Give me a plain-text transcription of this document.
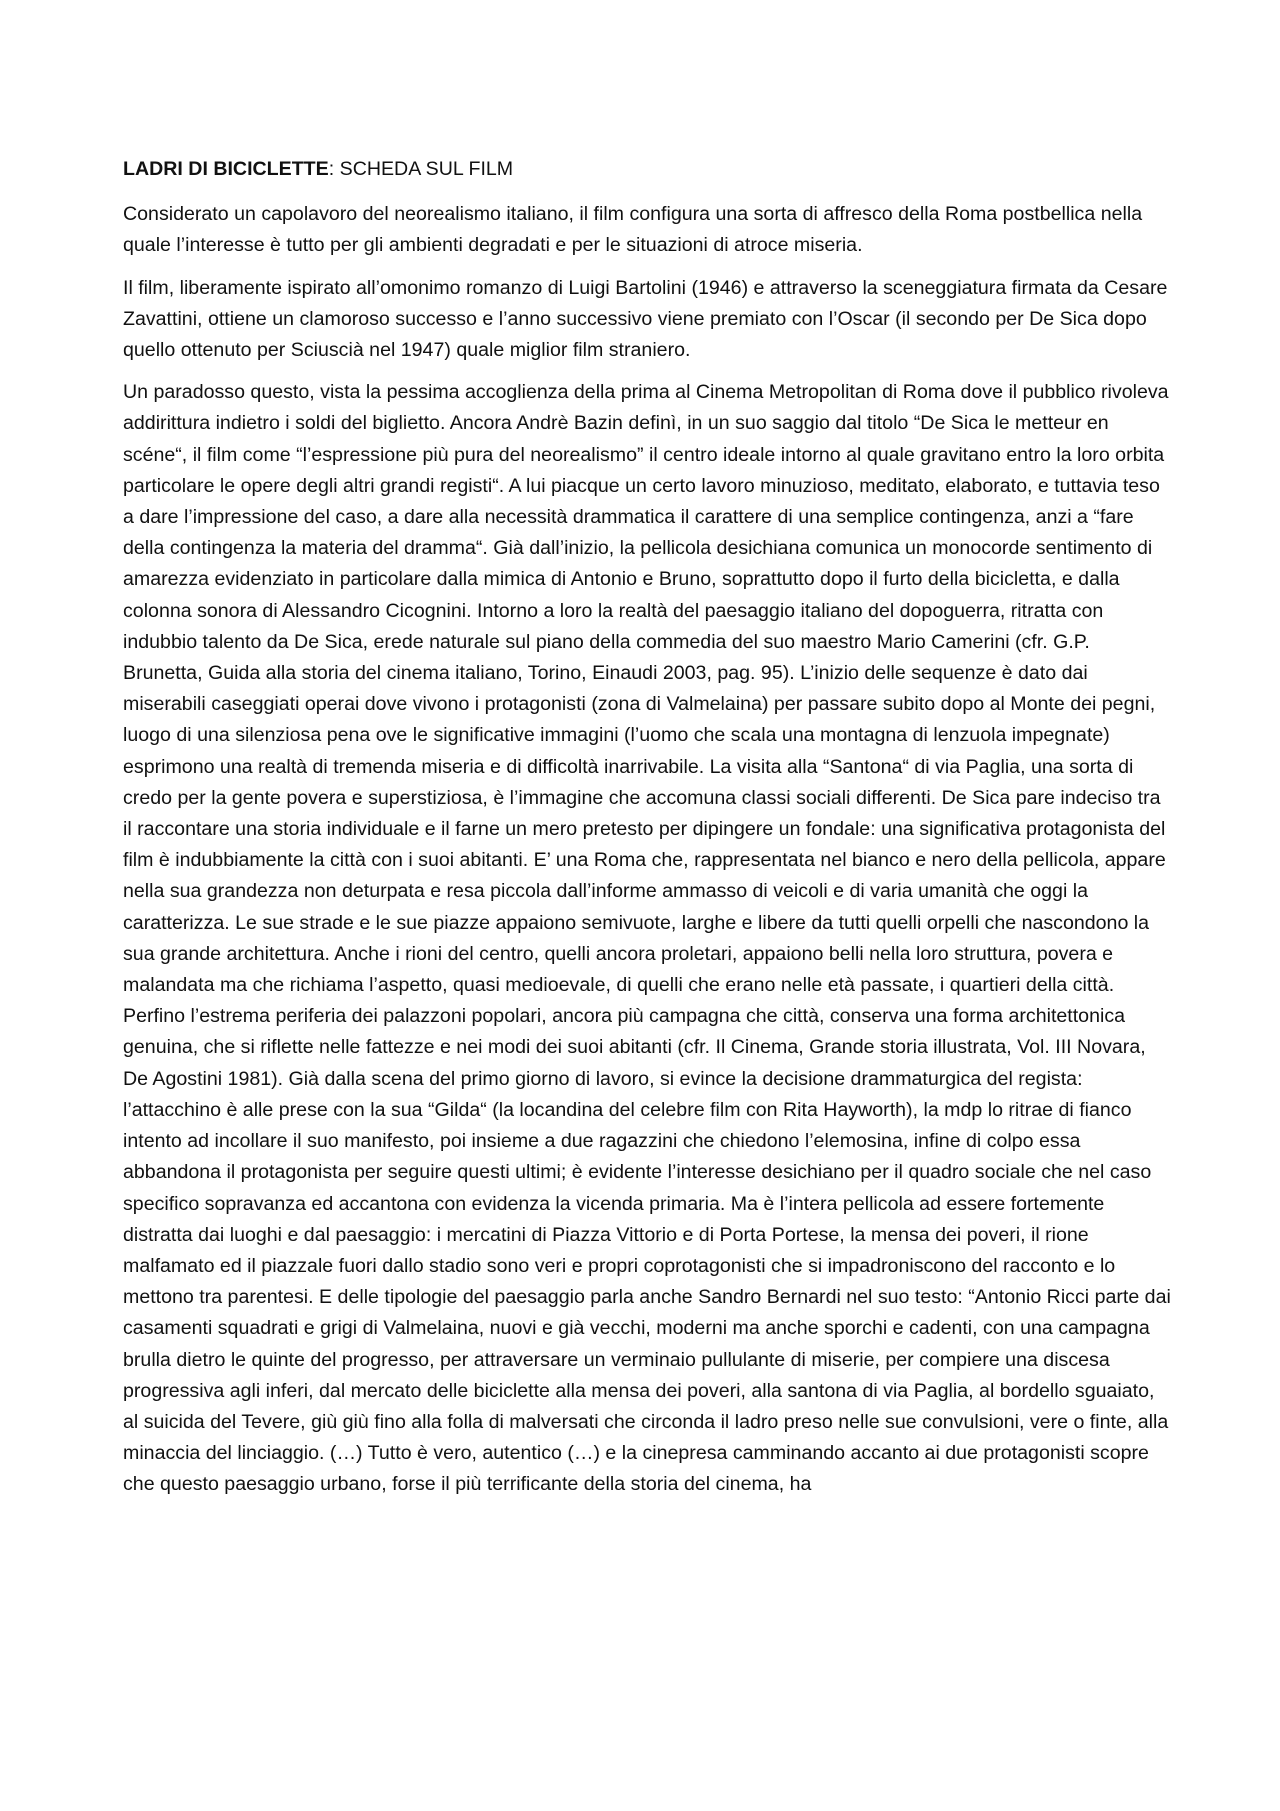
LADRI DI BICICLETTE: SCHEDA SUL FILM

Considerato un capolavoro del neorealismo italiano, il film configura una sorta di affresco della Roma postbellica nella quale l’interesse è tutto per gli ambienti degradati e per le situazioni di atroce miseria.

Il film, liberamente ispirato all’omonimo romanzo di Luigi Bartolini (1946) e attraverso la sceneggiatura firmata da Cesare Zavattini, ottiene un clamoroso successo e l’anno successivo viene premiato con l’Oscar (il secondo per De Sica dopo quello ottenuto per Sciuscià nel 1947) quale miglior film straniero.

Un paradosso questo, vista la pessima accoglienza della prima al Cinema Metropolitan di Roma dove il pubblico rivoleva addirittura indietro i soldi del biglietto. Ancora Andrè Bazin definì, in un suo saggio dal titolo “De Sica le metteur en scéne“, il film come “l’espressione più pura del neorealismo” il centro ideale intorno al quale gravitano entro la loro orbita particolare le opere degli altri grandi registi“. A lui piacque un certo lavoro minuzioso, meditato, elaborato, e tuttavia teso a dare l’impressione del caso, a dare alla necessità drammatica il carattere di una semplice contingenza, anzi a “fare della contingenza la materia del dramma“. Già dall’inizio, la pellicola desichiana comunica un monocorde sentimento di amarezza evidenziato in particolare dalla mimica di Antonio e Bruno, soprattutto dopo il furto della bicicletta, e dalla colonna sonora di Alessandro Cicognini. Intorno a loro la realtà del paesaggio italiano del dopoguerra, ritratta con indubbio talento da De Sica, erede naturale sul piano della commedia del suo maestro Mario Camerini (cfr. G.P. Brunetta, Guida alla storia del cinema italiano, Torino, Einaudi 2003, pag. 95). L’inizio delle sequenze è dato dai miserabili caseggiati operai dove vivono i protagonisti (zona di Valmelaina) per passare subito dopo al Monte dei pegni, luogo di una silenziosa pena ove le significative immagini (l’uomo che scala una montagna di lenzuola impegnate) esprimono una realtà di tremenda miseria e di difficoltà inarrivabile. La visita alla “Santona“ di via Paglia, una sorta di credo per la gente povera e superstiziosa, è l’immagine che accomuna classi sociali differenti. De Sica pare indeciso tra il raccontare una storia individuale e il farne un mero pretesto per dipingere un fondale: una significativa protagonista del film è indubbiamente la città con i suoi abitanti. E’ una Roma che, rappresentata nel bianco e nero della pellicola, appare nella sua grandezza non deturpata e resa piccola dall’informe ammasso di veicoli e di varia umanità che oggi la caratterizza. Le sue strade e le sue piazze appaiono semivuote, larghe e libere da tutti quelli orpelli che nascondono la sua grande architettura. Anche i rioni del centro, quelli ancora proletari, appaiono belli nella loro struttura, povera e malandata ma che richiama l’aspetto, quasi medioevale, di quelli che erano nelle età passate, i quartieri della città. Perfino l’estrema periferia dei palazzoni popolari, ancora più campagna che città, conserva una forma architettonica genuina, che si riflette nelle fattezze e nei modi dei suoi abitanti (cfr. Il Cinema, Grande storia illustrata, Vol. III Novara, De Agostini 1981). Già dalla scena del primo giorno di lavoro, si evince la decisione drammaturgica del regista: l’attacchino è alle prese con la sua “Gilda“ (la locandina del celebre film con Rita Hayworth), la mdp lo ritrae di fianco intento ad incollare il suo manifesto, poi insieme a due ragazzini che chiedono l’elemosina, infine di colpo essa abbandona il protagonista per seguire questi ultimi; è evidente l’interesse desichiano per il quadro sociale che nel caso specifico sopravanza ed accantona con evidenza la vicenda primaria. Ma è l’intera pellicola ad essere fortemente distratta dai luoghi e dal paesaggio: i mercatini di Piazza Vittorio e di Porta Portese, la mensa dei poveri, il rione malfamato ed il piazzale fuori dallo stadio sono veri e propri coprotagonisti che si impadroniscono del racconto e lo mettono tra parentesi. E delle tipologie del paesaggio parla anche Sandro Bernardi nel suo testo: “Antonio Ricci parte dai casamenti squadrati e grigi di Valmelaina, nuovi e già vecchi, moderni ma anche sporchi e cadenti, con una campagna brulla dietro le quinte del progresso, per attraversare un verminaio pullulante di miserie, per compiere una discesa progressiva agli inferi, dal mercato delle biciclette alla mensa dei poveri, alla santona di via Paglia, al bordello sguaiato, al suicida del Tevere, giù giù fino alla folla di malversati che circonda il ladro preso nelle sue convulsioni, vere o finte, alla minaccia del linciaggio. (…) Tutto è vero, autentico (…) e la cinepresa camminando accanto ai due protagonisti scopre che questo paesaggio urbano, forse il più terrificante della storia del cinema, ha
